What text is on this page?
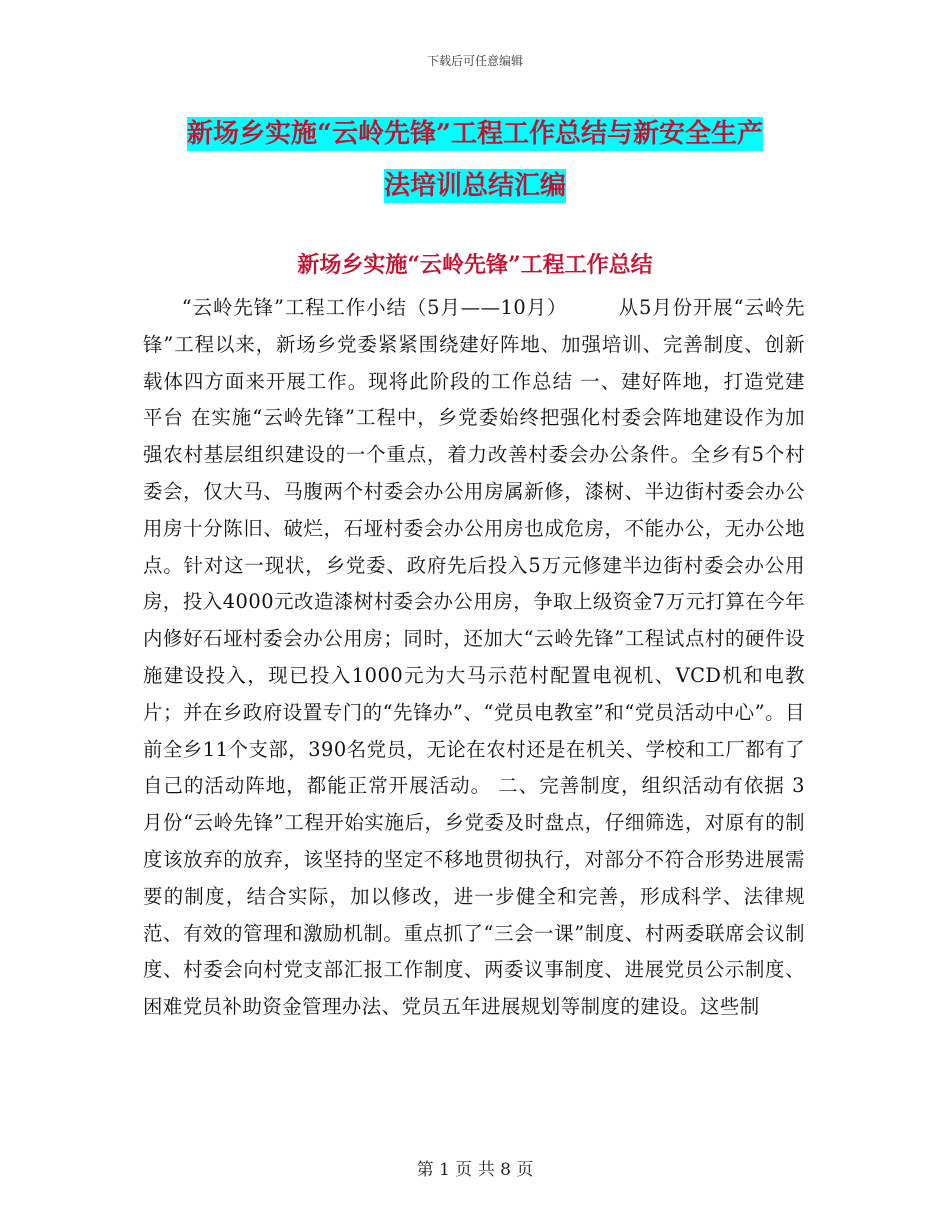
下载后可任意编辑
新场乡实施“云岭先锋”工程工作总结与新安全生产
法培训总结汇编
新场乡实施“云岭先锋”工程工作总结

“云岭先锋”工程工作小结（5月——10月）　　　从5月份开展“云岭先锋”工程以来，新场乡党委紧紧围绕建好阵地、加强培训、完善制度、创新载体四方面来开展工作。现将此阶段的工作总结 一、建好阵地，打造党建平台 在实施“云岭先锋”工程中，乡党委始终把强化村委会阵地建设作为加强农村基层组织建设的一个重点，着力改善村委会办公条件。全乡有5个村委会，仅大马、马腹两个村委会办公用房属新修，漆树、半边街村委会办公用房十分陈旧、破烂，石垭村委会办公用房也成危房，不能办公，无办公地点。针对这一现状，乡党委、政府先后投入5万元修建半边街村委会办公用房，投入4000元改造漆树村委会办公用房，争取上级资金7万元打算在今年内修好石垭村委会办公用房；同时，还加大“云岭先锋”工程试点村的硬件设施建设投入，现已投入1000元为大马示范村配置电视机、VCD机和电教片；并在乡政府设置专门的“先锋办”、“党员电教室”和“党员活动中心”。目前全乡11个支部，390名党员，无论在农村还是在机关、学校和工厂都有了自己的活动阵地，都能正常开展活动。 二、完善制度，组织活动有依据 3月份“云岭先锋”工程开始实施后，乡党委及时盘点，仔细筛选，对原有的制度该放弃的放弃，该坚持的坚定不移地贯彻执行，对部分不符合形势进展需要的制度，结合实际，加以修改，进一步健全和完善，形成科学、法律规范、有效的管理和激励机制。重点抓了“三会一课”制度、村两委联席会议制度、村委会向村党支部汇报工作制度、两委议事制度、进展党员公示制度、困难党员补助资金管理办法、党员五年进展规划等制度的建设。这些制

第 1 页 共 8 页
